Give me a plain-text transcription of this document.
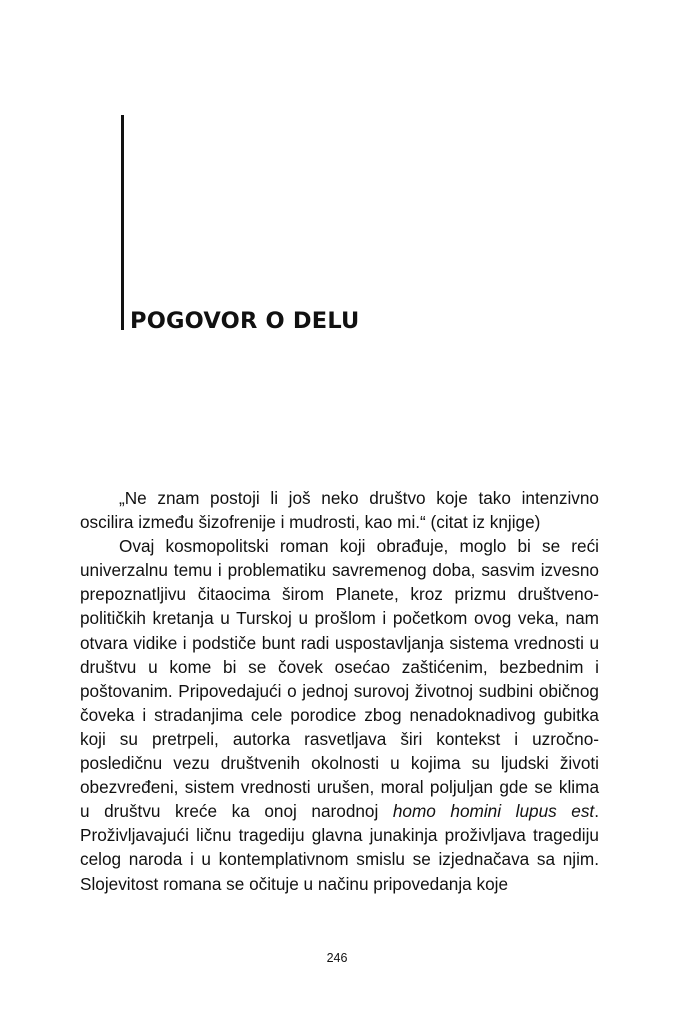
POGOVOR O DELU

„Ne znam postoji li još neko društvo koje tako intenzivno oscilira između šizofrenije i mudrosti, kao mi.“ (citat iz knjige)

Ovaj kosmopolitski roman koji obrađuje, moglo bi se reći univerzalnu temu i problematiku savremenog doba, sasvim izvesno prepoznatljivu čitaocima širom Planete, kroz prizmu društveno-političkih kretanja u Turskoj u prošlom i početkom ovog veka, nam otvara vidike i podstiče bunt radi uspostavljanja sistema vrednosti u društvu u kome bi se čovek osećao zaštićenim, bezbednim i poštovanim. Pripovedajući o jednoj surovoj životnoj sudbini običnog čoveka i stradanjima cele porodice zbog nenadoknadivog gubitka koji su pretrpeli, autorka rasvetljava širi kontekst i uzročno-posledičnu vezu društvenih okolnosti u kojima su ljudski životi obezvređeni, sistem vrednosti urušen, moral poljuljan gde se klima u društvu kreće ka onoj narodnoj homo homini lupus est. Proživljavajući ličnu tragediju glavna junakinja proživljava tragediju celog naroda i u kontemplativnom smislu se izjednačava sa njim. Slojevitost romana se očituje u načinu pripovedanja koje

246
